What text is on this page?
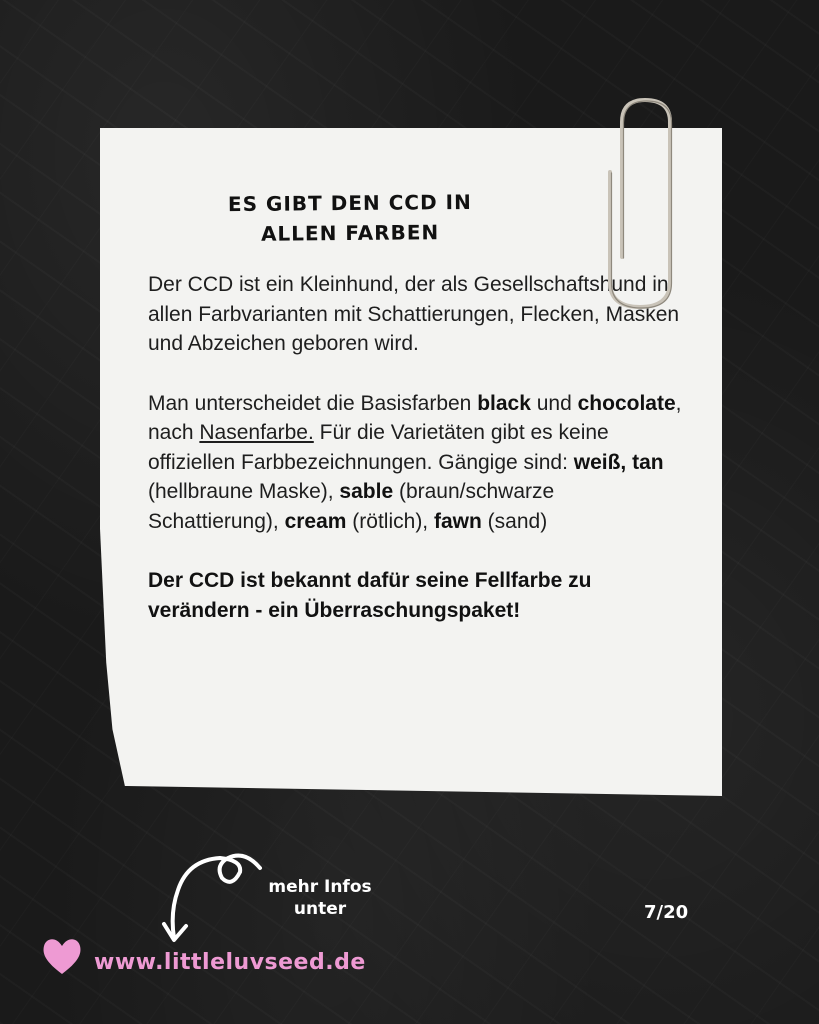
ES GIBT DEN CCD IN
ALLEN FARBEN

Der CCD ist ein Kleinhund, der als Gesellschaftshund in allen Farbvarianten mit Schattierungen, Flecken, Masken und Abzeichen geboren wird.

Man unterscheidet die Basisfarben black und chocolate, nach Nasenfarbe. Für die Varietäten gibt es keine offiziellen Farbbezeichnungen. Gängige sind: weiß, tan (hellbraune Maske), sable (braun/schwarze Schattierung), cream (rötlich), fawn (sand)

Der CCD ist bekannt dafür seine Fellfarbe zu verändern - ein Überraschungspaket!

mehr Infos
unter	7/20
www.littleluvseed.de
